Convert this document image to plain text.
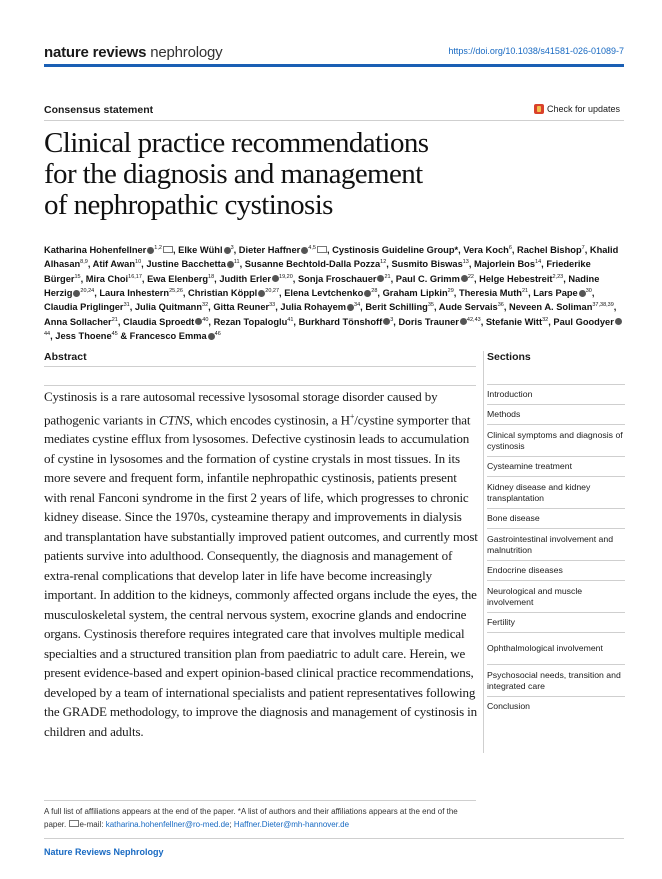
nature reviews nephrology	https://doi.org/10.1038/s41581-026-01089-7
Consensus statement	Check for updates
Clinical practice recommendations
for the diagnosis and management
of nephropathic cystinosis
Katharina Hohenfellner $^{1,2}$ , Elke Wühl $^3$, Dieter Haffner $^{4,5}$ , Cystinosis Guideline Group*, Vera Koch$^6$, Rachel Bishop$^7$, Khalid Alhasan$^{8,9}$, Atif Awan$^{10}$, Justine Bacchetta $^{11}$, Susanne Bechtold-Dalla Pozza$^{12}$, Susmito Biswas$^{13}$, Majorlein Bos$^{14}$, Friederike Bürger$^{15}$, Mira Choi$^{16,17}$, Ewa Elenberg$^{18}$, Judith Erler $^{19,20}$, Sonja Froschauer $^{21}$, Paul C. Grimm $^{22}$, Helge Hebestreit$^{2,23}$, Nadine Herzig $^{20,24}$, Laura Inhestern$^{25,26}$, Christian Köppl $^{20,27}$, Elena Levtchenko $^{28}$, Graham Lipkin$^{29}$, Theresia Muth$^{21}$, Lars Pape $^{30}$, Claudia Priglinger$^{31}$, Julia Quitmann$^{32}$, Gitta Reuner$^{33}$, Julia Rohayem $^{34}$, Berit Schilling$^{35}$, Aude Servais$^{36}$, Neveen A. Soliman$^{37,38,39}$, Anna Sollacher$^{21}$, Claudia Sproedt $^{40}$, Rezan Topaloglu$^{41}$, Burkhard Tönshoff $^3$, Doris Trauner $^{42,43}$, Stefanie Witt$^{32}$, Paul Goodyer$^{44}$, Jess Thoene$^{45}$ & Francesco Emma $^{46}$
Abstract

Cystinosis is a rare autosomal recessive lysosomal storage disorder caused by pathogenic variants in CTNS, which encodes cystinosin, a H+/cystine symporter that mediates cystine efflux from lysosomes. Defective cystinosin leads to accumulation of cystine in lysosomes and the formation of cystine crystals in most tissues. In its more severe and frequent form, infantile nephropathic cystinosis, patients present with renal Fanconi syndrome in the first 2 years of life, which progresses to chronic kidney disease. Since the 1970s, cysteamine therapy and improvements in dialysis and transplantation have substantially improved patient outcomes, and currently most patients survive into adulthood. Consequently, the diagnosis and management of extra-renal complications that develop later in life have become increasingly important. In addition to the kidneys, commonly affected organs include the eyes, the musculoskeletal system, the central nervous system, exocrine glands and endocrine organs. Cystinosis therefore requires integrated care that involves multiple medical specialties and a structured transition plan from paediatric to adult care. Herein, we present evidence-based and expert opinion-based clinical practice recommendations, developed by a team of international specialists and patient representatives following the GRADE methodology, to improve the diagnosis and management of cystinosis in children and adults.

Sections
Introduction
Methods
Clinical symptoms and diagnosis of cystinosis
Cysteamine treatment
Kidney disease and kidney transplantation
Bone disease
Gastrointestinal involvement and malnutrition
Endocrine diseases
Neurological and muscle involvement
Fertility
Ophthalmological involvement
Psychosocial needs, transition and integrated care
Conclusion
A full list of affiliations appears at the end of the paper. *A list of authors and their affiliations appears at the end of the paper. e-mail: katharina.hohenfellner@ro-med.de; Haffner.Dieter@mh-hannover.de
Nature Reviews Nephrology
